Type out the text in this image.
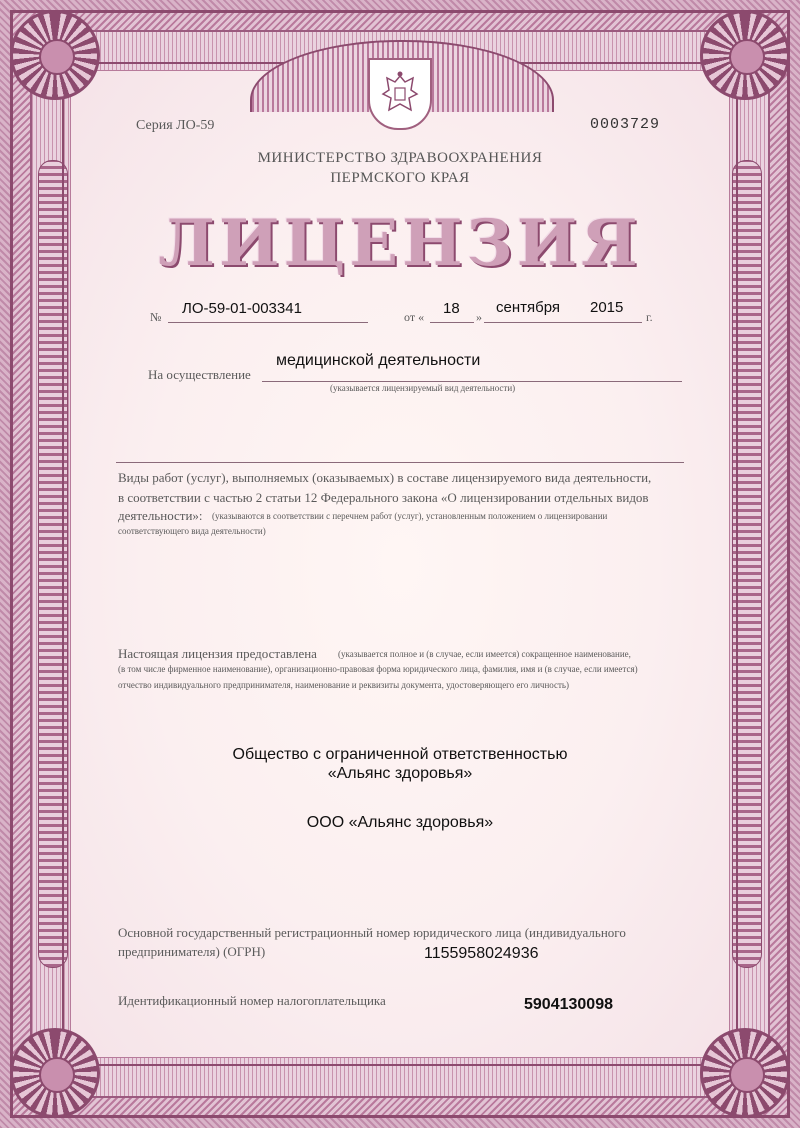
Серия ЛО-59	0003729
МИНИСТЕРСТВО ЗДРАВООХРАНЕНИЯ
ПЕРМСКОГО КРАЯ
ЛИЦЕНЗИЯ
№ ЛО-59-01-003341	от « 18 »
сентября 2015
г.
На осуществление
медицинской деятельности
(указывается лицензируемый вид деятельности)
Виды работ (услуг), выполняемых (оказываемых) в составе лицензируемого вида деятельности,
в соответствии с частью 2 статьи 12 Федерального закона «О лицензировании отдельных видов
деятельности»: (указываются в соответствии с перечнем работ (услуг), установленным положением о лицензировании
соответствующего вида деятельности)
Настоящая лицензия предоставлена (указывается полное и (в случае, если имеется) сокращенное наименование,
(в том числе фирменное наименование), организационно-правовая форма юридического лица, фамилия, имя и (в случае, если имеется)
отчество индивидуального предпринимателя, наименование и реквизиты документа, удостоверяющего его личность)
Общество с ограниченной ответственностью
«Альянс здоровья»
ООО «Альянс здоровья»
Основной государственный регистрационный номер юридического лица (индивидуального
предпринимателя) (ОГРН)	1155958024936
Идентификационный номер налогоплательщика	5904130098
